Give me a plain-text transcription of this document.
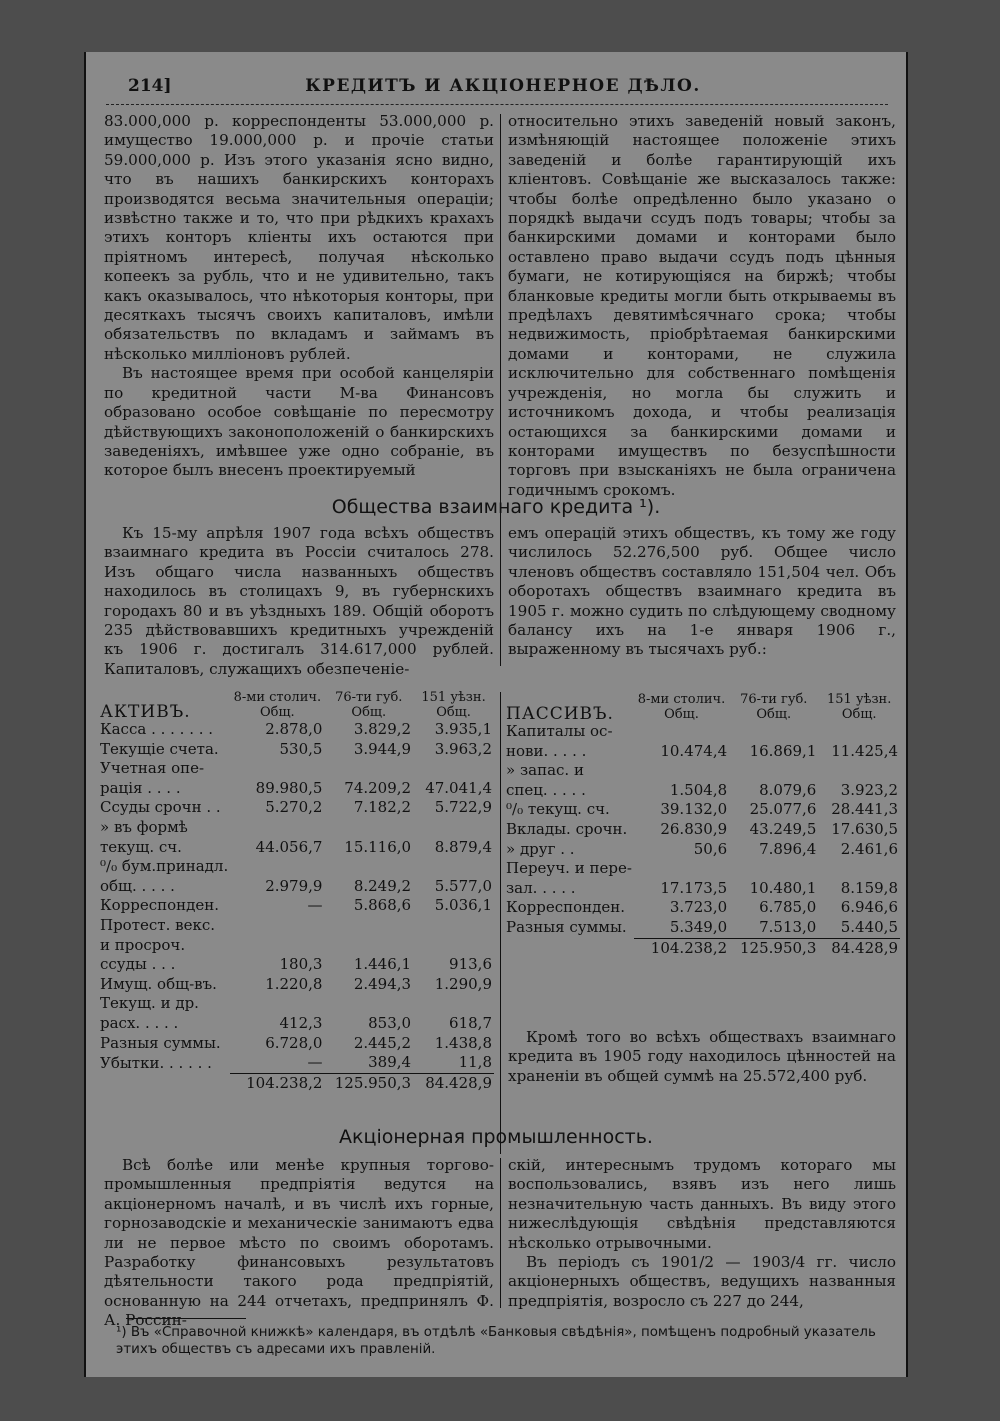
214]	КРЕДИТЪ И АКЦІОНЕРНОЕ ДѢЛО.

83.000,000 р. корреспонденты 53.000,000 р. имущество 19.000,000 р. и прочіе статьи 59.000,000 р. Изъ этого указанія ясно видно, что въ нашихъ банкирскихъ конторахъ производятся весьма значительныя операціи; извѣстно также и то, что при рѣдкихъ крахахъ этихъ конторъ кліенты ихъ остаются при пріятномъ интересѣ, получая нѣсколько копеекъ за рубль, что и не удивительно, такъ какъ оказывалось, что нѣкоторыя конторы, при десяткахъ тысячъ своихъ капиталовъ, имѣли обязательствъ по вкладамъ и займамъ въ нѣсколько милліоновъ рублей.

Въ настоящее время при особой канцеляріи по кредитной части М-ва Финансовъ образовано особое совѣщаніе по пересмотру дѣйствующихъ законоположеній о банкирскихъ заведеніяхъ, имѣвшее уже одно собраніе, въ которое былъ внесенъ проектируемый

относительно этихъ заведеній новый законъ, измѣняющій настоящее положеніе этихъ заведеній и болѣе гарантирующій ихъ кліентовъ. Совѣщаніе же высказалось также: чтобы болѣе опредѣленно было указано о порядкѣ выдачи ссудъ подъ товары; чтобы за банкирскими домами и конторами было оставлено право выдачи ссудъ подъ цѣнныя бумаги, не котирующіяся на биржѣ; чтобы бланковые кредиты могли быть открываемы въ предѣлахъ девятимѣсячнаго срока; чтобы недвижимость, пріобрѣтаемая банкирскими домами и конторами, не служила исключительно для собственнаго помѣщенія учрежденія, но могла бы служить и источникомъ дохода, и чтобы реализація остающихся за банкирскими домами и конторами имуществъ по безуспѣшности торговъ при взысканіяхъ не была ограничена годичнымъ срокомъ.

Общества взаимнаго кредита ¹).

Къ 15-му апрѣля 1907 года всѣхъ обществъ взаимнаго кредита въ Россіи считалось 278. Изъ общаго числа названныхъ обществъ находилось въ столицахъ 9, въ губернскихъ городахъ 80 и въ уѣздныхъ 189. Общій оборотъ 235 дѣйствовавшихъ кредитныхъ учрежденій къ 1906 г. достигалъ 314.617,000 рублей. Капиталовъ, служащихъ обезпеченіе-

емъ операцій этихъ обществъ, къ тому же году числилось 52.276,500 руб. Общее число членовъ обществъ составляло 151,504 чел. Объ оборотахъ обществъ взаимнаго кредита въ 1905 г. можно судить по слѣдующему сводному балансу ихъ на 1-е января 1906 г., выраженному въ тысячахъ руб.:

АКТИВЪ.	8-ми столич. Общ.	76-ти губ. Общ.	151 уѣзн. Общ.
Касса . . . . . . .	2.878,0	3.829,2	3.935,1
Текущіе счета.	530,5	3.944,9	3.963,2
Учетная опе-			
рація . . . .	89.980,5	74.209,2	47.041,4
Ссуды срочн . .	5.270,2	7.182,2	5.722,9
» въ формѣ			
текущ. сч.	44.056,7	15.116,0	8.879,4
⁰/₀ бум.принадл.			
общ. . . . .	2.979,9	8.249,2	5.577,0
Корреспонден.	—	5.868,6	5.036,1
Протест. векс.			
и просроч.			
ссуды . . .	180,3	1.446,1	913,6
Имущ. общ-въ.	1.220,8	2.494,3	1.290,9
Текущ. и др.			
расх. . . . .	412,3	853,0	618,7
Разныя суммы.	6.728,0	2.445,2	1.438,8
Убытки. . . . . .	—	389,4	11,8
	104.238,2	125.950,3	84.428,9
ПАССИВЪ.	8-ми столич. Общ.	76-ти губ. Общ.	151 уѣзн. Общ.
Капиталы ос-			
нови. . . . .	10.474,4	16.869,1	11.425,4
» запас. и			
спец. . . . .	1.504,8	8.079,6	3.923,2
⁰/₀ текущ. сч.	39.132,0	25.077,6	28.441,3
Вклады. срочн.	26.830,9	43.249,5	17.630,5
» друг . .	50,6	7.896,4	2.461,6
Переуч. и пере-			
зал. . . . .	17.173,5	10.480,1	8.159,8
Корреспонден.	3.723,0	6.785,0	6.946,6
Разныя суммы.	5.349,0	7.513,0	5.440,5
	104.238,2	125.950,3	84.428,9

Кромѣ того во всѣхъ обществахъ взаимнаго кредита въ 1905 году находилось цѣнностей на храненіи въ общей суммѣ на 25.572,400 руб.

Акціонерная промышленность.

Всѣ болѣе или менѣе крупныя торгово-промышленныя предпріятія ведутся на акціонерномъ началѣ, и въ числѣ ихъ горные, горнозаводскіе и механическіе занимаютъ едва ли не первое мѣсто по своимъ оборотамъ. Разработку финансовыхъ результатовъ дѣятельности такого рода предпріятій, основанную на 244 отчетахъ, предпринялъ Ф. А. Россин-

скій, интереснымъ трудомъ котораго мы воспользовались, взявъ изъ него лишь незначительную часть данныхъ. Въ виду этого нижеслѣдующія свѣдѣнія представляются нѣсколько отрывочными.

Въ періодъ съ 1901/2 — 1903/4 гг. число акціонерныхъ обществъ, ведущихъ названныя предпріятія, возросло съ 227 до 244,

¹) Въ «Справочной книжкѣ» календаря, въ отдѣлѣ «Банковыя свѣдѣнія», помѣщенъ подробный указатель этихъ обществъ съ адресами ихъ правленій.
